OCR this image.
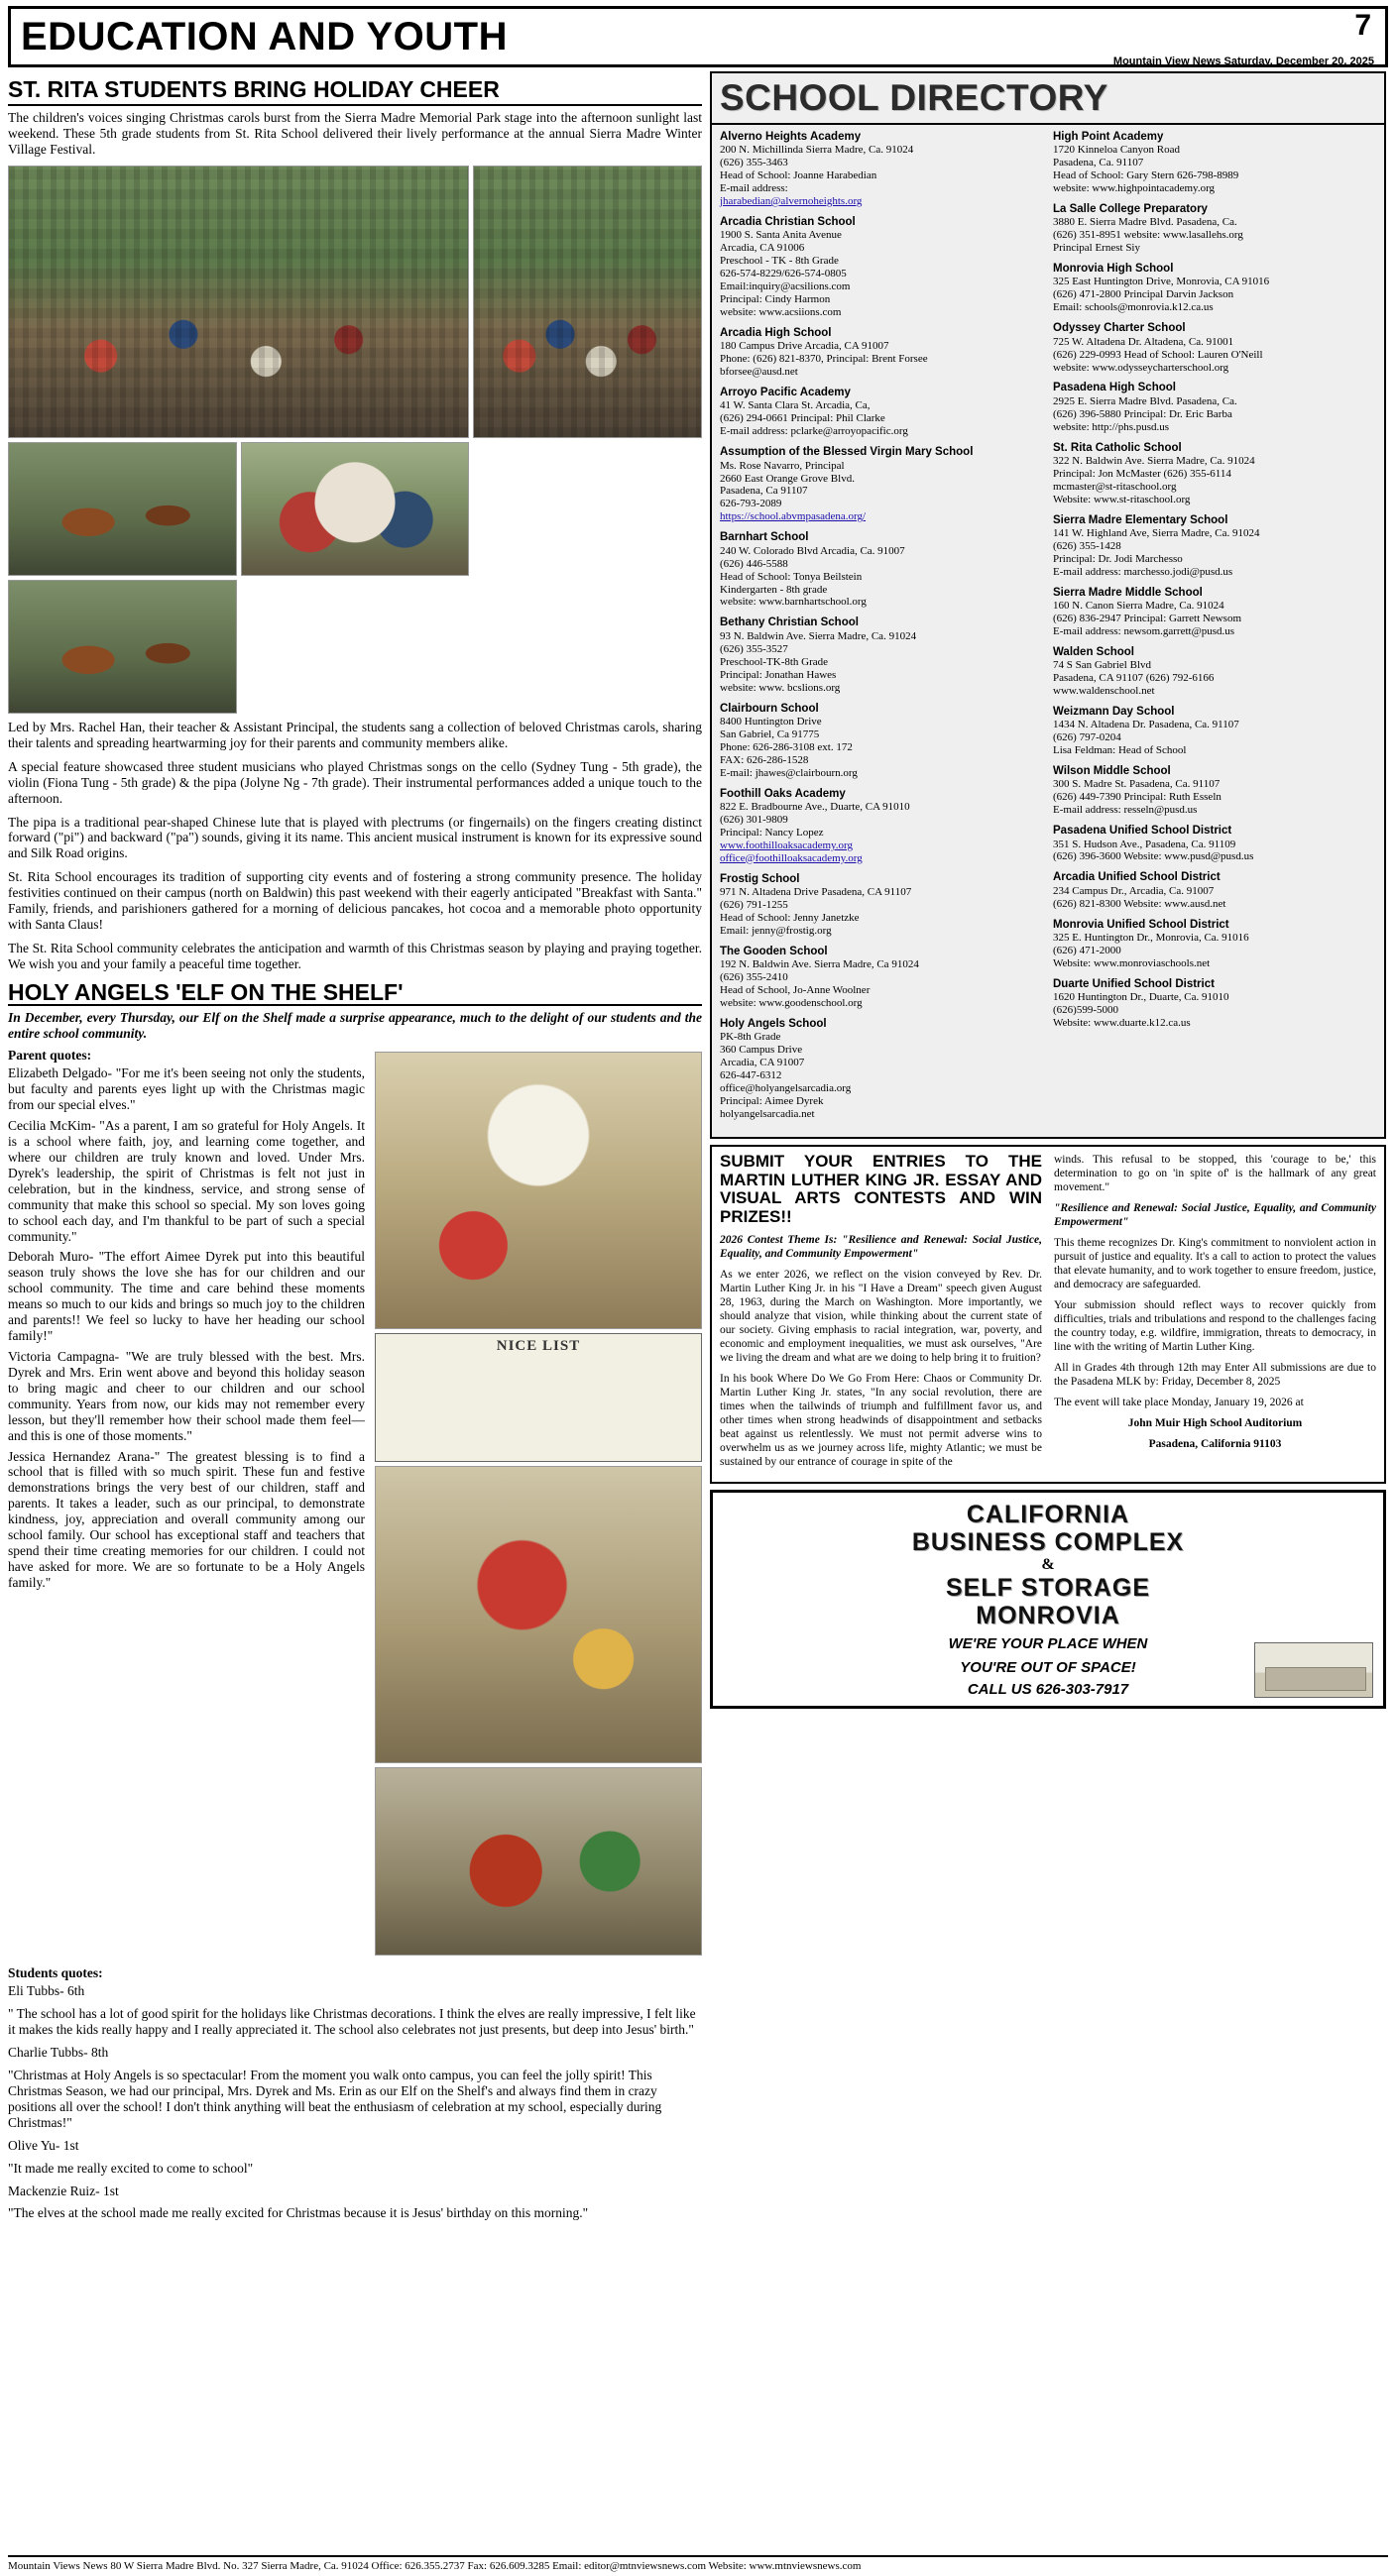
EDUCATION AND YOUTH	7
Mountain View News Saturday, December 20, 2025
ST. RITA STUDENTS BRING HOLIDAY CHEER

The children's voices singing Christmas carols burst from the Sierra Madre Memorial Park stage into the afternoon sunlight last weekend. These 5th grade students from St. Rita School delivered their lively performance at the annual Sierra Madre Winter Village Festival.

Led by Mrs. Rachel Han, their teacher & Assistant Principal, the students sang a collection of beloved Christmas carols, sharing their talents and spreading heartwarming joy for their parents and community members alike.

A special feature showcased three student musicians who played Christmas songs on the cello (Sydney Tung - 5th grade), the violin (Fiona Tung - 5th grade) & the pipa (Jolyne Ng - 7th grade). Their instrumental performances added a unique touch to the afternoon.

The pipa is a traditional pear-shaped Chinese lute that is played with plectrums (or fingernails) on the fingers creating distinct forward ("pi") and backward ("pa") sounds, giving it its name. This ancient musical instrument is known for its expressive sound and Silk Road origins.

St. Rita School encourages its tradition of supporting city events and of fostering a strong community presence. The holiday festivities continued on their campus (north on Baldwin) this past weekend with their eagerly anticipated "Breakfast with Santa." Family, friends, and parishioners gathered for a morning of delicious pancakes, hot cocoa and a memorable photo opportunity with Santa Claus!

The St. Rita School community celebrates the anticipation and warmth of this Christmas season by playing and praying together. We wish you and your family a peaceful time together.

HOLY ANGELS 'ELF ON THE SHELF'
In December, every Thursday, our Elf on the Shelf made a surprise appearance, much to the delight of our students and the entire school community.
NICE LIST
Parent quotes:

Elizabeth Delgado- "For me it's been seeing not only the students, but faculty and parents eyes light up with the Christmas magic from our special elves."

Cecilia McKim- "As a parent, I am so grateful for Holy Angels. It is a school where faith, joy, and learning come together, and where our children are truly known and loved. Under Mrs. Dyrek's leadership, the spirit of Christmas is felt not just in celebration, but in the kindness, service, and strong sense of community that make this school so special. My son loves going to school each day, and I'm thankful to be part of such a special community."

Deborah Muro- "The effort Aimee Dyrek put into this beautiful season truly shows the love she has for our children and our school community. The time and care behind these moments means so much to our kids and brings so much joy to the children and parents!! We feel so lucky to have her heading our school family!"

Victoria Campagna- "We are truly blessed with the best. Mrs. Dyrek and Mrs. Erin went above and beyond this holiday season to bring magic and cheer to our children and our school community. Years from now, our kids may not remember every lesson, but they'll remember how their school made them feel—and this is one of those moments."

Jessica Hernandez Arana-" The greatest blessing is to find a school that is filled with so much spirit. These fun and festive demonstrations brings the very best of our children, staff and parents. It takes a leader, such as our principal, to demonstrate kindness, joy, appreciation and overall community among our school family. Our school has exceptional staff and teachers that spend their time creating memories for our children. I could not have asked for more. We are so fortunate to be a Holy Angels family."

Students quotes:

Eli Tubbs- 6th

" The school has a lot of good spirit for the holidays like Christmas decorations. I think the elves are really impressive, I felt like it makes the kids really happy and I really appreciated it. The school also celebrates not just presents, but deep into Jesus' birth."

Charlie Tubbs- 8th

"Christmas at Holy Angels is so spectacular! From the moment you walk onto campus, you can feel the jolly spirit! This Christmas Season, we had our principal, Mrs. Dyrek and Ms. Erin as our Elf on the Shelf's and always find them in crazy positions all over the school! I don't think anything will beat the enthusiasm of celebration at my school, especially during Christmas!"

Olive Yu- 1st

"It made me really excited to come to school"

Mackenzie Ruiz- 1st

"The elves at the school made me really excited for Christmas because it is Jesus' birthday on this morning."

SCHOOL DIRECTORY
Alverno Heights Academy
200 N. Michillinda Sierra Madre, Ca. 91024
(626) 355-3463
Head of School: Joanne Harabedian
E-mail address:
jharabedian@alvernoheights.org
Arcadia Christian School
1900 S. Santa Anita Avenue
Arcadia, CA 91006
Preschool - TK - 8th Grade
626-574-8229/626-574-0805
Email:inquiry@acsilions.com
Principal: Cindy Harmon
website: www.acsiions.com
Arcadia High School
180 Campus Drive Arcadia, CA 91007
Phone: (626) 821-8370, Principal: Brent Forsee
bforsee@ausd.net
Arroyo Pacific Academy
41 W. Santa Clara St. Arcadia, Ca,
(626) 294-0661 Principal: Phil Clarke
E-mail address: pclarke@arroyopacific.org
Assumption of the Blessed Virgin Mary School
Ms. Rose Navarro, Principal
2660 East Orange Grove Blvd.
Pasadena, Ca 91107
626-793-2089
https://school.abvmpasadena.org/
Barnhart School
240 W. Colorado Blvd Arcadia, Ca. 91007
(626) 446-5588
Head of School: Tonya Beilstein
Kindergarten - 8th grade
website: www.barnhartschool.org
Bethany Christian School
93 N. Baldwin Ave. Sierra Madre, Ca. 91024
(626) 355-3527
Preschool-TK-8th Grade
Principal: Jonathan Hawes
website: www. bcslions.org
Clairbourn School
8400 Huntington Drive
San Gabriel, Ca 91775
Phone: 626-286-3108 ext. 172
FAX: 626-286-1528
E-mail: jhawes@clairbourn.org
Foothill Oaks Academy
822 E. Bradbourne Ave., Duarte, CA 91010
(626) 301-9809
Principal: Nancy Lopez
www.foothilloaksacademy.org
office@foothilloaksacademy.org
Frostig School
971 N. Altadena Drive Pasadena, CA 91107
(626) 791-1255
Head of School: Jenny Janetzke
Email: jenny@frostig.org
The Gooden School
192 N. Baldwin Ave. Sierra Madre, Ca 91024
(626) 355-2410
Head of School, Jo-Anne Woolner
website: www.goodenschool.org
Holy Angels School
PK-8th Grade
360 Campus Drive
Arcadia, CA 91007
626-447-6312
office@holyangelsarcadia.org
Principal: Aimee Dyrek
holyangelsarcadia.net
High Point Academy
1720 Kinneloa Canyon Road
Pasadena, Ca. 91107
Head of School: Gary Stern 626-798-8989
website: www.highpointacademy.org
La Salle College Preparatory
3880 E. Sierra Madre Blvd. Pasadena, Ca.
(626) 351-8951 website: www.lasallehs.org
Principal Ernest Siy
Monrovia High School
325 East Huntington Drive, Monrovia, CA 91016
(626) 471-2800 Principal Darvin Jackson
Email: schools@monrovia.k12.ca.us
Odyssey Charter School
725 W. Altadena Dr. Altadena, Ca. 91001
(626) 229-0993 Head of School: Lauren O'Neill
website: www.odysseycharterschool.org
Pasadena High School
2925 E. Sierra Madre Blvd. Pasadena, Ca.
(626) 396-5880 Principal: Dr. Eric Barba
website: http://phs.pusd.us
St. Rita Catholic School
322 N. Baldwin Ave. Sierra Madre, Ca. 91024
Principal: Jon McMaster (626) 355-6114
mcmaster@st-ritaschool.org
Website: www.st-ritaschool.org
Sierra Madre Elementary School
141 W. Highland Ave, Sierra Madre, Ca. 91024
(626) 355-1428
Principal: Dr. Jodi Marchesso
E-mail address: marchesso.jodi@pusd.us
Sierra Madre Middle School
160 N. Canon Sierra Madre, Ca. 91024
(626) 836-2947 Principal: Garrett Newsom
E-mail address: newsom.garrett@pusd.us
Walden School
74 S San Gabriel Blvd
Pasadena, CA 91107 (626) 792-6166
www.waldenschool.net
Weizmann Day School
1434 N. Altadena Dr. Pasadena, Ca. 91107
(626) 797-0204
Lisa Feldman: Head of School
Wilson Middle School
300 S. Madre St. Pasadena, Ca. 91107
(626) 449-7390 Principal: Ruth Esseln
E-mail address: resseln@pusd.us
Pasadena Unified School District
351 S. Hudson Ave., Pasadena, Ca. 91109
(626) 396-3600 Website: www.pusd@pusd.us
Arcadia Unified School District
234 Campus Dr., Arcadia, Ca. 91007
(626) 821-8300 Website: www.ausd.net
Monrovia Unified School District
325 E. Huntington Dr., Monrovia, Ca. 91016
(626) 471-2000
Website: www.monroviaschools.net
Duarte Unified School District
1620 Huntington Dr., Duarte, Ca. 91010
(626)599-5000
Website: www.duarte.k12.ca.us
SUBMIT YOUR ENTRIES TO THE MARTIN LUTHER KING JR. ESSAY AND VISUAL ARTS CONTESTS AND WIN PRIZES!!

2026 Contest Theme Is: "Resilience and Renewal: Social Justice, Equality, and Community Empowerment"

As we enter 2026, we reflect on the vision conveyed by Rev. Dr. Martin Luther King Jr. in his "I Have a Dream" speech given August 28, 1963, during the March on Washington. More importantly, we should analyze that vision, while thinking about the current state of our society. Giving emphasis to racial integration, war, poverty, and economic and employment inequalities, we must ask ourselves, "Are we living the dream and what are we doing to help bring it to fruition?

In his book Where Do We Go From Here: Chaos or Community Dr. Martin Luther King Jr. states, "In any social revolution, there are times when the tailwinds of triumph and fulfillment favor us, and other times when strong headwinds of disappointment and setbacks beat against us relentlessly. We must not permit adverse wins to overwhelm us as we journey across life, mighty Atlantic; we must be sustained by our entrance of courage in spite of the

winds. This refusal to be stopped, this 'courage to be,' this determination to go on 'in spite of' is the hallmark of any great movement."

"Resilience and Renewal: Social Justice, Equality, and Community Empowerment"

This theme recognizes Dr. King's commitment to nonviolent action in pursuit of justice and equality. It's a call to action to protect the values that elevate humanity, and to work together to ensure freedom, justice, and democracy are safeguarded.

Your submission should reflect ways to recover quickly from difficulties, trials and tribulations and respond to the challenges facing the country today, e.g. wildfire, immigration, threats to democracy, in line with the writing of Martin Luther King.

All in Grades 4th through 12th may Enter All submissions are due to the Pasadena MLK by: Friday, December 8, 2025

The event will take place Monday, January 19, 2026 at

John Muir High School Auditorium

Pasadena, California 91103

CALIFORNIA
BUSINESS COMPLEX
&
SELF STORAGE
MONROVIA
WE'RE YOUR PLACE WHEN
YOU'RE OUT OF SPACE!
CALL US 626-303-7917
Mountain Views News 80 W Sierra Madre Blvd. No. 327 Sierra Madre, Ca. 91024 Office: 626.355.2737 Fax: 626.609.3285 Email: editor@mtnviewsnews.com Website: www.mtnviewsnews.com
